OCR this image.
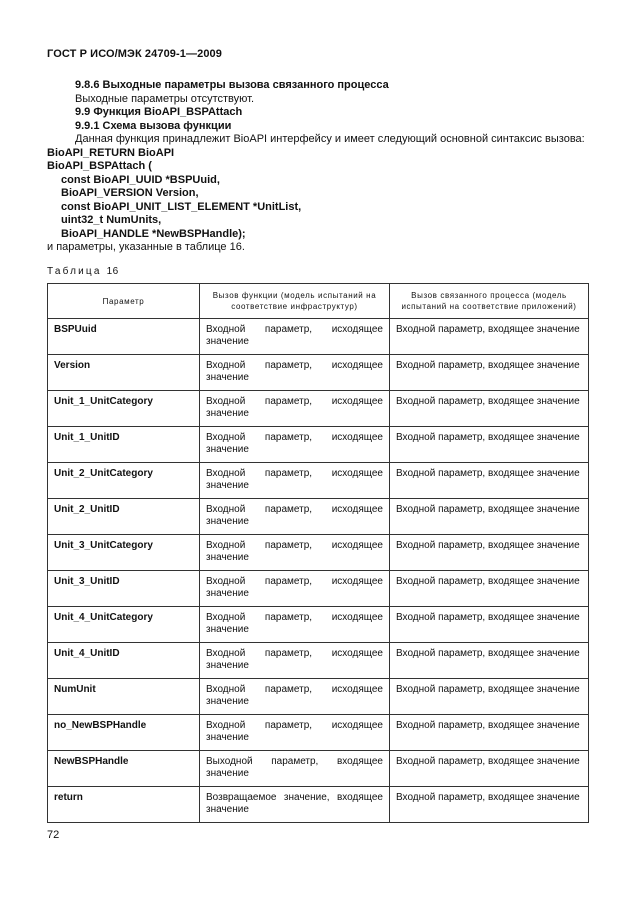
ГОСТ Р ИСО/МЭК 24709-1—2009
9.8.6 Выходные параметры вызова связанного процесса
Выходные параметры отсутствуют.
9.9 Функция BioAPI_BSPAttach
9.9.1 Схема вызова функции
Данная функция принадлежит BioAPI интерфейсу и имеет следующий основной синтаксис вызова:
BioAPI_RETURN BioAPI
BioAPI_BSPAttach (
const BioAPI_UUID *BSPUuid,
BioAPI_VERSION Version,
const BioAPI_UNIT_LIST_ELEMENT *UnitList,
uint32_t NumUnits,
BioAPI_HANDLE *NewBSPHandle);
и параметры, указанные в таблице 16.
Таблица 16
Параметр	Вызов функции (модель испытаний на соответствие инфраструктур)	Вызов связанного процесса (модель испытаний на соответствие приложений)
BSPUuid	Входной параметр, исходящее значение	Входной параметр, входящее значение
Version	Входной параметр, исходящее значение	Входной параметр, входящее значение
Unit_1_UnitCategory	Входной параметр, исходящее значение	Входной параметр, входящее значение
Unit_1_UnitID	Входной параметр, исходящее значение	Входной параметр, входящее значение
Unit_2_UnitCategory	Входной параметр, исходящее значение	Входной параметр, входящее значение
Unit_2_UnitID	Входной параметр, исходящее значение	Входной параметр, входящее значение
Unit_3_UnitCategory	Входной параметр, исходящее значение	Входной параметр, входящее значение
Unit_3_UnitID	Входной параметр, исходящее значение	Входной параметр, входящее значение
Unit_4_UnitCategory	Входной параметр, исходящее значение	Входной параметр, входящее значение
Unit_4_UnitID	Входной параметр, исходящее значение	Входной параметр, входящее значение
NumUnit	Входной параметр, исходящее значение	Входной параметр, входящее значение
no_NewBSPHandle	Входной параметр, исходящее значение	Входной параметр, входящее значение
NewBSPHandle	Выходной параметр, входящее значение	Входной параметр, входящее значение
return	Возвращаемое значение, входящее значение	Входной параметр, входящее значение
72
